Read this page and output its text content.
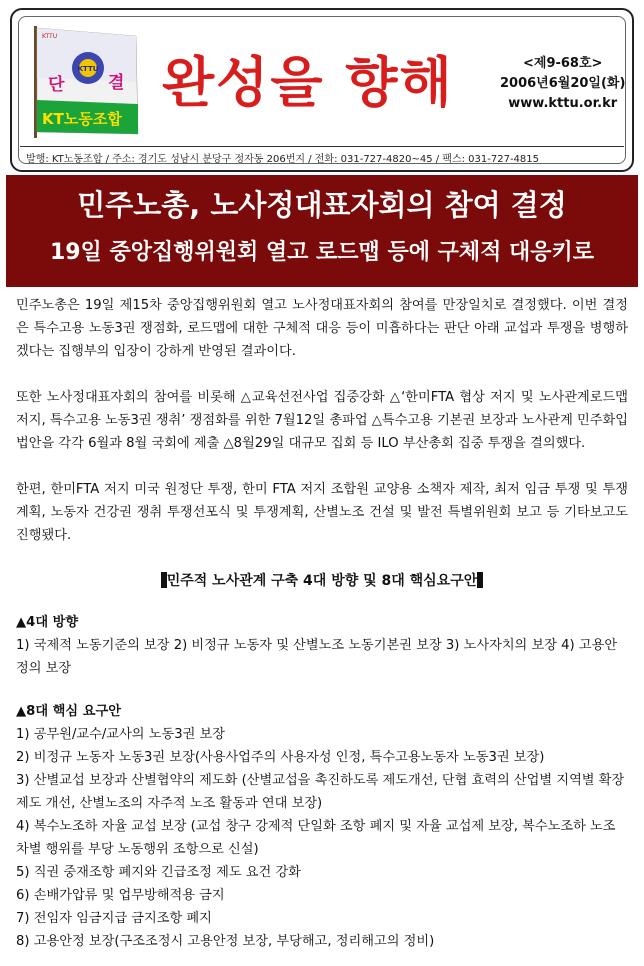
KTTU
KTTU
단	결
KT노동조합
완성을 향해	<제9-68호>
2006년6월20일(화)
www.kttu.or.kr
발행: KT노동조합 / 주소: 경기도 성남시 분당구 정자동 206번지 / 전화: 031-727-4820~45 / 팩스: 031-727-4815
민주노총, 노사정대표자회의 참여 결정
19일 중앙집행위원회 열고 로드맵 등에 구체적 대응키로

민주노총은 19일 제15차 중앙집행위원회 열고 노사정대표자회의 참여를 만장일치로 결정했다. 이번 결정은 특수고용 노동3권 쟁점화, 로드맵에 대한 구체적 대응 등이 미흡하다는 판단 아래 교섭과 투쟁을 병행하겠다는 집행부의 입장이 강하게 반영된 결과이다.

또한 노사정대표자회의 참여를 비롯해 △교육선전사업 집중강화 △‘한미FTA 협상 저지 및 노사관계로드맵 저지, 특수고용 노동3권 쟁취’ 쟁점화를 위한 7월12일 총파업 △특수고용 기본권 보장과 노사관계 민주화입법안을 각각 6월과 8월 국회에 제출 △8월29일 대규모 집회 등 ILO 부산총회 집중 투쟁을 결의했다.

한편, 한미FTA 저지 미국 원정단 투쟁, 한미 FTA 저지 조합원 교양용 소책자 제작, 최저 임금 투쟁 및 투쟁계획, 노동자 건강권 쟁취 투쟁선포식 및 투쟁계획, 산별노조 건설 및 발전 특별위원회 보고 등 기타보고도 진행됐다.

민주적 노사관계 구축 4대 방향 및 8대 핵심요구안

▲4대 방향

1) 국제적 노동기준의 보장 2) 비정규 노동자 및 산별노조 노동기본권 보장 3) 노사자치의 보장 4) 고용안정의 보장

▲8대 핵심 요구안

1) 공무원/교수/교사의 노동3권 보장

2) 비정규 노동자 노동3권 보장(사용사업주의 사용자성 인정, 특수고용노동자 노동3권 보장)

3) 산별교섭 보장과 산별협약의 제도화 (산별교섭을 촉진하도록 제도개선, 단협 효력의 산업별 지역별 확장제도 개선, 산별노조의 자주적 노조 활동과 연대 보장)

4) 복수노조하 자율 교섭 보장 (교섭 창구 강제적 단일화 조항 폐지 및 자율 교섭제 보장, 복수노조하 노조 차별 행위를 부당 노동행위 조항으로 신설)

5) 직권 중재조항 폐지와 긴급조정 제도 요건 강화

6) 손배가압류 및 업무방해적용 금지

7) 전임자 임금지급 금지조항 폐지

8) 고용안정 보장(구조조정시 고용안정 보장, 부당해고, 정리해고의 정비)
